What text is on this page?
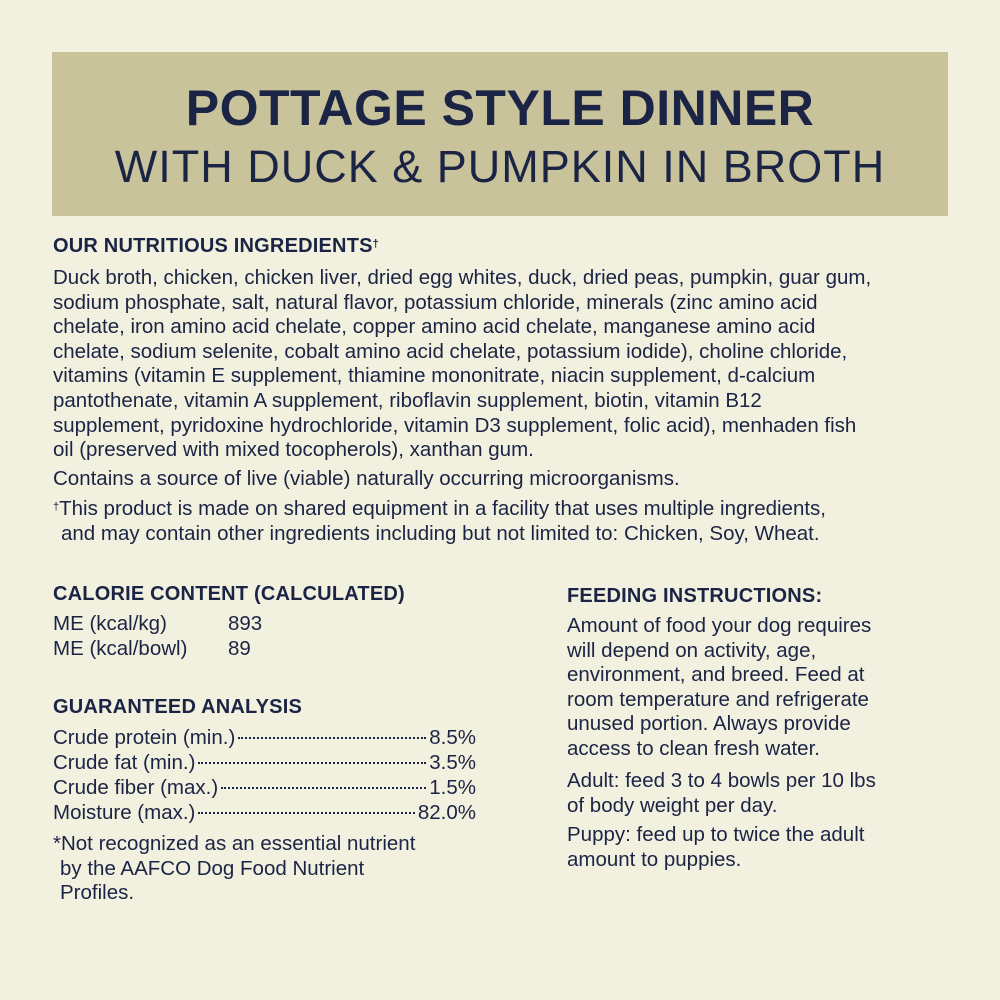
POTTAGE STYLE DINNER
WITH DUCK & PUMPKIN IN BROTH
OUR NUTRITIOUS INGREDIENTS†
Duck broth, chicken, chicken liver, dried egg whites, duck, dried peas, pumpkin, guar gum,
sodium phosphate, salt, natural flavor, potassium chloride, minerals (zinc amino acid
chelate, iron amino acid chelate, copper amino acid chelate, manganese amino acid
chelate, sodium selenite, cobalt amino acid chelate, potassium iodide), choline chloride,
vitamins (vitamin E supplement, thiamine mononitrate, niacin supplement, d-calcium
pantothenate, vitamin A supplement, riboflavin supplement, biotin, vitamin B12
supplement, pyridoxine hydrochloride, vitamin D3 supplement, folic acid), menhaden fish
oil (preserved with mixed tocopherols), xanthan gum.
Contains a source of live (viable) naturally occurring microorganisms.
†This product is made on shared equipment in a facility that uses multiple ingredients,
and may contain other ingredients including but not limited to: Chicken, Soy, Wheat.
CALORIE CONTENT (CALCULATED)
ME (kcal/kg)	893
ME (kcal/bowl)	89
GUARANTEED ANALYSIS
Crude protein (min.)	8.5%
Crude fat (min.)	3.5%
Crude fiber (max.)	1.5%
Moisture (max.)	82.0%
*Not recognized as an essential nutrient
by the AAFCO Dog Food Nutrient
Profiles.
FEEDING INSTRUCTIONS:
Amount of food your dog requires
will depend on activity, age,
environment, and breed. Feed at
room temperature and refrigerate
unused portion. Always provide
access to clean fresh water.
Adult: feed 3 to 4 bowls per 10 lbs
of body weight per day.
Puppy: feed up to twice the adult
amount to puppies.
